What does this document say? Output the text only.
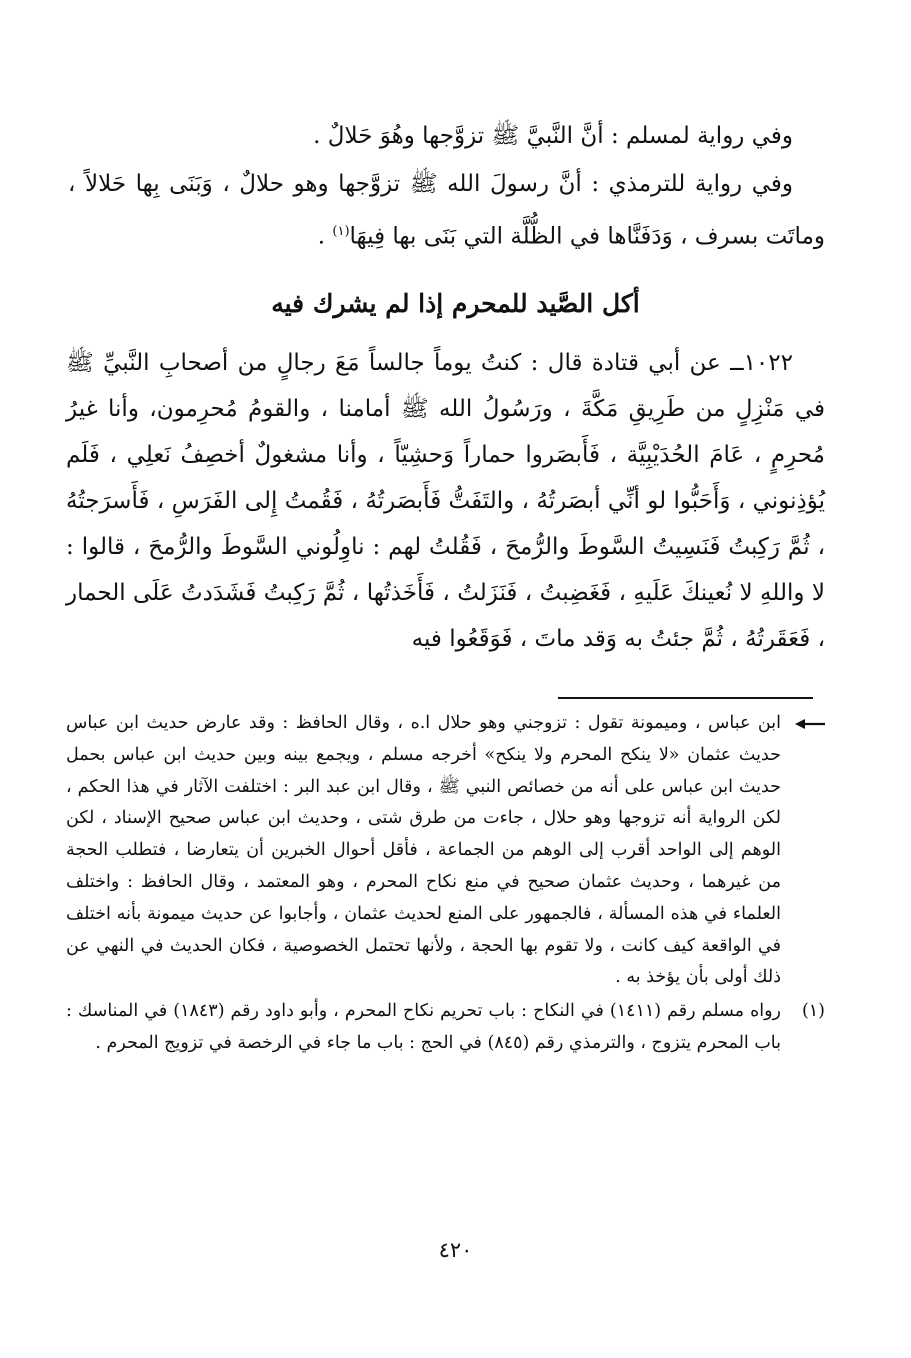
وفي رواية لمسلم : أنَّ النَّبيَّ ﷺ تزوَّجها وهُوَ حَلالٌ .

وفي رواية للترمذي : أنَّ رسولَ الله ﷺ تزوَّجها وهو حلالٌ ، وَبَنَى بِها حَلالاً ، وماتَت بسرف ، وَدَفَنَّاها في الظُّلَّة التي بَنَى بها فِيهَا$^{(١)}$ .

أكل الصَّيد للمحرم إذا لم يشرك فيه

١٠٢٢ــ عن أبي قتادة قال : كنتُ يوماً جالساً مَعَ رجالٍ من أصحابِ النَّبيِّ ﷺ في مَنْزِلٍ من طَرِيقِ مَكَّةَ ، ورَسُولُ الله ﷺ أمامنا ، والقومُ مُحرِمون، وأنا غيرُ مُحرِمٍ ، عَامَ الحُدَيْبِيَّة ، فَأَبصَروا حماراً وَحشِيّاً ، وأنا مشغولٌ أخصِفُ نَعلِي ، فَلَم يُؤذِنوني ، وَأَحَبُّوا لو أنِّي أبصَرتُهُ ، والتَفَتُّ فَأَبصَرتُهُ ، فَقُمتُ إِلى الفَرَسِ ، فَأَسرَجتُهُ ، ثُمَّ رَكِبتُ فَنَسِيتُ السَّوطَ والرُّمحَ ، فَقُلتُ لهم : ناوِلُوني السَّوطَ والرُّمحَ ، قالوا : لا واللهِ لا نُعينكَ عَلَيهِ ، فَغَضِبتُ ، فَنَزَلتُ ، فَأَخَذتُها ، ثُمَّ رَكِبتُ فَشَدَدتُ عَلَى الحمار ، فَعَقَرتُهُ ، ثُمَّ جئتُ به وَقد ماتَ ، فَوَقَعُوا فيه

ابن عباس ، وميمونة تقول : تزوجني وهو حلال ا.ه ، وقال الحافظ : وقد عارض حديث ابن عباس حديث عثمان «لا ينكح المحرم ولا ينكح» أخرجه مسلم ، ويجمع بينه وبين حديث ابن عباس بحمل حديث ابن عباس على أنه من خصائص النبي ﷺ ، وقال ابن عبد البر : اختلفت الآثار في هذا الحكم ، لكن الرواية أنه تزوجها وهو حلال ، جاءت من طرق شتى ، وحديث ابن عباس صحيح الإسناد ، لكن الوهم إلى الواحد أقرب إلى الوهم من الجماعة ، فأقل أحوال الخبرين أن يتعارضا ، فتطلب الحجة من غيرهما ، وحديث عثمان صحيح في منع نكاح المحرم ، وهو المعتمد ، وقال الحافظ : واختلف العلماء في هذه المسألة ، فالجمهور على المنع لحديث عثمان ، وأجابوا عن حديث ميمونة بأنه اختلف في الواقعة كيف كانت ، ولا تقوم بها الحجة ، ولأنها تحتمل الخصوصية ، فكان الحديث في النهي عن ذلك أولى بأن يؤخذ به .

(١)
رواه مسلم رقم (١٤١١) في النكاح : باب تحريم نكاح المحرم ، وأبو داود رقم (١٨٤٣) في المناسك : باب المحرم يتزوج ، والترمذي رقم (٨٤٥) في الحج : باب ما جاء في الرخصة في تزويج المحرم .

٤٢٠
